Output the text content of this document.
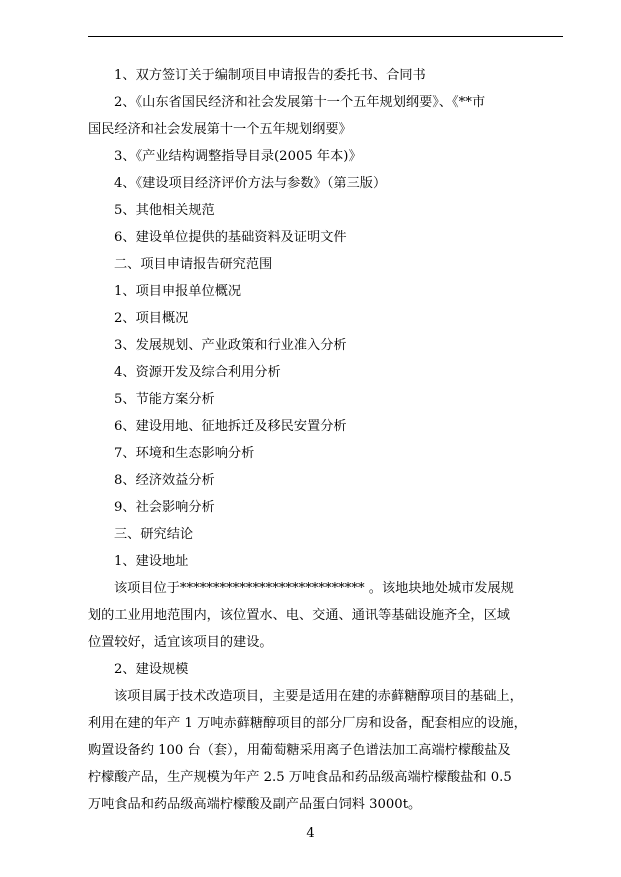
1、双方签订关于编制项目申请报告的委托书、合同书
2、《山东省国民经济和社会发展第十一个五年规划纲要》、《**市
国民经济和社会发展第十一个五年规划纲要》
3、《产业结构调整指导目录(2005 年本)》
4、《建设项目经济评价方法与参数》（第三版）
5、其他相关规范
6、建设单位提供的基础资料及证明文件
二、项目申请报告研究范围
1、项目申报单位概况
2、项目概况
3、发展规划、产业政策和行业准入分析
4、资源开发及综合利用分析
5、节能方案分析
6、建设用地、征地拆迁及移民安置分析
7、环境和生态影响分析
8、经济效益分析
9、社会影响分析
三、研究结论
1、建设地址
该项目位于**************************** 。该地块地处城市发展规
划的工业用地范围内，该位置水、电、交通、通讯等基础设施齐全，区域
位置较好，适宜该项目的建设。
2、建设规模
该项目属于技术改造项目，主要是适用在建的赤藓糖醇项目的基础上，
利用在建的年产 1 万吨赤藓糖醇项目的部分厂房和设备，配套相应的设施，
购置设备约 100 台（套），用葡萄糖采用离子色谱法加工高端柠檬酸盐及
柠檬酸产品，生产规模为年产 2.5 万吨食品和药品级高端柠檬酸盐和 0.5
万吨食品和药品级高端柠檬酸及副产品蛋白饲料 3000t。
4
